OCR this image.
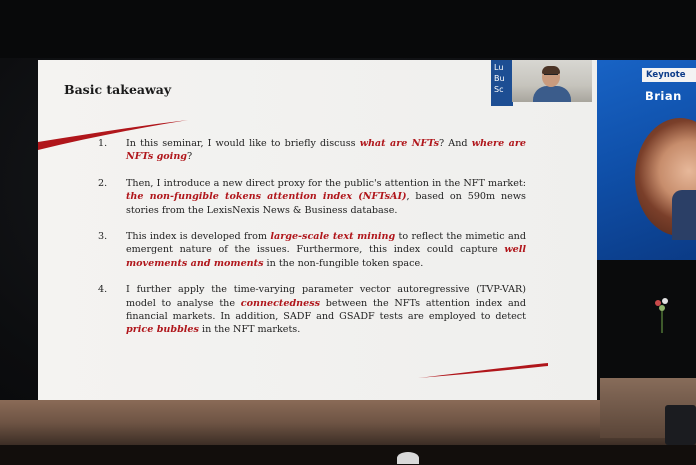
Basic takeaway
1.	In this seminar, I would like to briefly discuss what are NFTs? And where are NFTs going?
2.	Then, I introduce a new direct proxy for the public's attention in the NFT market: the non-fungible tokens attention index (NFTsAI), based on 590m news stories from the LexisNexis News & Business database.
3.	This index is developed from large-scale text mining to reflect the mimetic and emergent nature of the issues. Furthermore, this index could capture well movements and moments in the non-fungible token space.
4.	I further apply the time-varying parameter vector autoregressive (TVP-VAR) model to analyse the connectedness between the NFTs attention index and financial markets. In addition, SADF and GSADF tests are employed to detect price bubbles in the NFT markets.
Lu Bu Sc
Keynote
Brian
